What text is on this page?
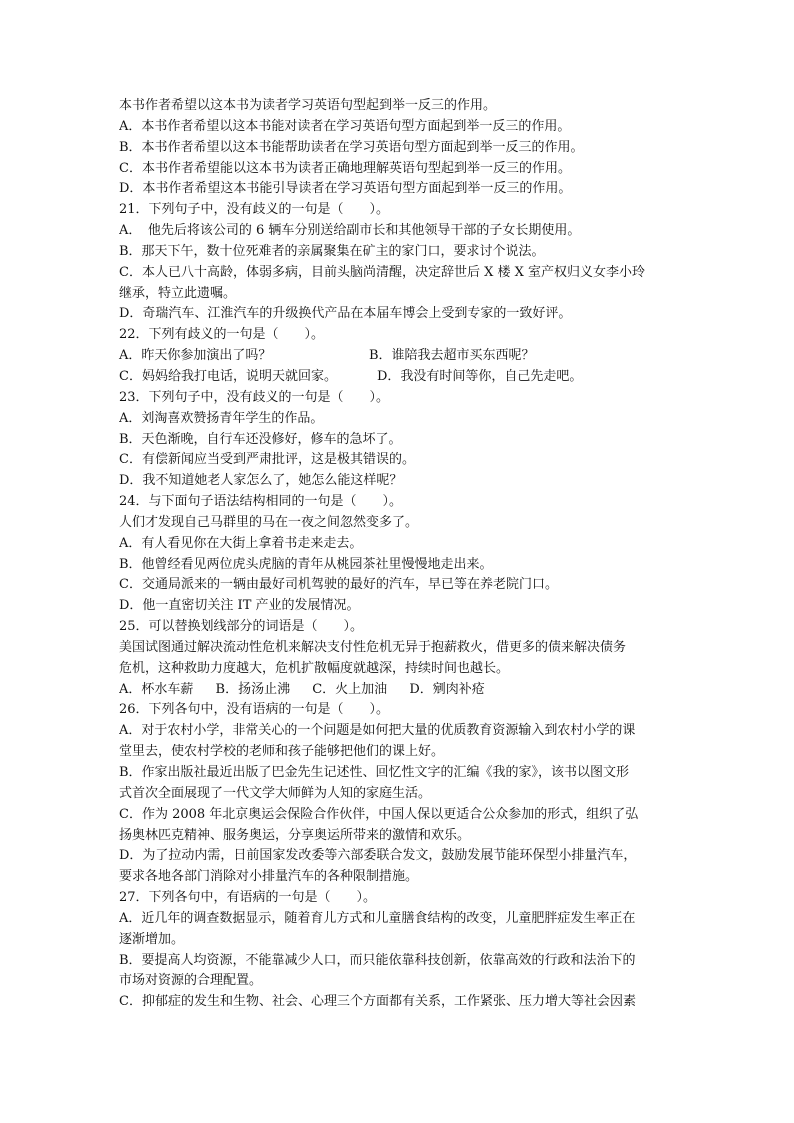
本书作者希望以这本书为读者学习英语句型起到举一反三的作用。
A．本书作者希望以这本书能对读者在学习英语句型方面起到举一反三的作用。
B．本书作者希望以这本书能帮助读者在学习英语句型方面起到举一反三的作用。
C．本书作者希望能以这本书为读者正确地理解英语句型起到举一反三的作用。
D．本书作者希望这本书能引导读者在学习英语句型方面起到举一反三的作用。
21．下列句子中，没有歧义的一句是（　　）。
A．　他先后将该公司的 6 辆车分别送给副市长和其他领导干部的子女长期使用。
B．那天下午，数十位死难者的亲属聚集在矿主的家门口，要求讨个说法。
C．本人已八十高龄，体弱多病，目前头脑尚清醒，决定辞世后 X 楼 X 室产权归义女李小玲
继承，特立此遗嘱。
D．奇瑞汽车、江淮汽车的升级换代产品在本届车博会上受到专家的一致好评。
22．下列有歧义的一句是（　　）。
A．昨天你参加演出了吗？	B．谁陪我去超市买东西呢？
C．妈妈给我打电话，说明天就回家。	D．我没有时间等你，自己先走吧。
23．下列句子中，没有歧义的一句是（　　）。
A．刘淘喜欢赞扬青年学生的作品。
B．天色渐晚，自行车还没修好，修车的急坏了。
C．有偿新闻应当受到严肃批评，这是极其错误的。
D．我不知道她老人家怎么了，她怎么能这样呢？
24．与下面句子语法结构相同的一句是（　　）。
人们才发现自己马群里的马在一夜之间忽然变多了。
A．有人看见你在大街上拿着书走来走去。
B．他曾经看见两位虎头虎脑的青年从桃园茶社里慢慢地走出来。
C．交通局派来的一辆由最好司机驾驶的最好的汽车，早已等在养老院门口。
D．他一直密切关注 IT 产业的发展情况。
25．可以替换划线部分的词语是（　　）。
美国试图通过解决流动性危机来解决支付性危机无异于抱薪救火，借更多的债来解决债务
危机，这种救助力度越大，危机扩散幅度就越深，持续时间也越长。
A．杯水车薪 B．扬汤止沸 C．火上加油 D．剜肉补疮
26．下列各句中，没有语病的一句是（　　）。
A．对于农村小学，非常关心的一个问题是如何把大量的优质教育资源输入到农村小学的课
堂里去，使农村学校的老师和孩子能够把他们的课上好。
B．作家出版社最近出版了巴金先生记述性、回忆性文字的汇编《我的家》，该书以图文形
式首次全面展现了一代文学大师鲜为人知的家庭生活。
C．作为 2008 年北京奥运会保险合作伙伴，中国人保以更适合公众参加的形式，组织了弘
扬奥林匹克精神、服务奥运，分享奥运所带来的激情和欢乐。
D．为了拉动内需，日前国家发改委等六部委联合发文，鼓励发展节能环保型小排量汽车，
要求各地各部门消除对小排量汽车的各种限制措施。
27．下列各句中，有语病的一句是（　　）。
A．近几年的调查数据显示，随着育儿方式和儿童膳食结构的改变，儿童肥胖症发生率正在
逐渐增加。
B．要提高人均资源，不能靠减少人口，而只能依靠科技创新，依靠高效的行政和法治下的
市场对资源的合理配置。
C．抑郁症的发生和生物、社会、心理三个方面都有关系，工作紧张、压力增大等社会因素
